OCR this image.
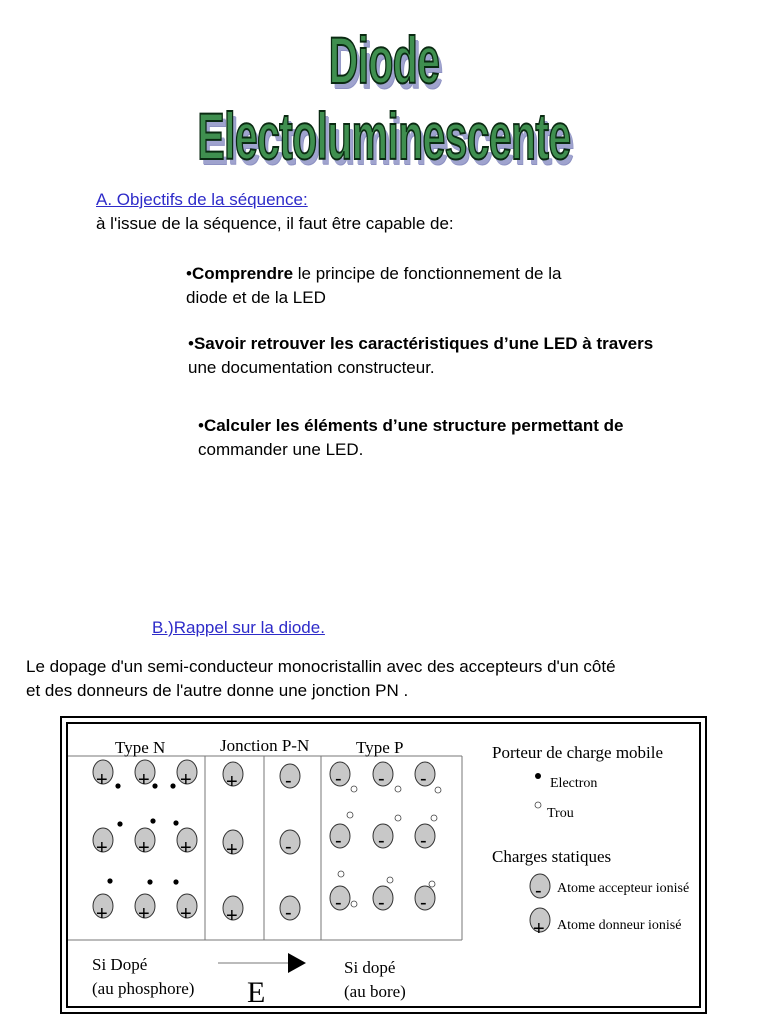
Diode Electoluminescente
A. Objectifs de la séquence:
à l'issue de la séquence, il faut être capable de:
•Comprendre le principe de fonctionnement de la
diode et de la LED
•Savoir retrouver les caractéristiques d’une LED à travers
une documentation constructeur.
•Calculer les éléments d’une structure permettant de
commander une LED.
B.)Rappel sur la diode.
Le dopage d'un semi-conducteur monocristallin avec des accepteurs d'un côté
et des donneurs de l'autre donne une jonction PN .
Type N	Jonction P-N	Type P
+ + +
+ + +
+ + +
+
+
+
-
-
-
- - -
- - -
- - -
Porteur de charge mobile
Electron
Trou
Charges statiques
- Atome accepteur ionisé
+ Atome donneur ionisé
Si Dopé
(au phosphore)
Si dopé
(au bore)
E
